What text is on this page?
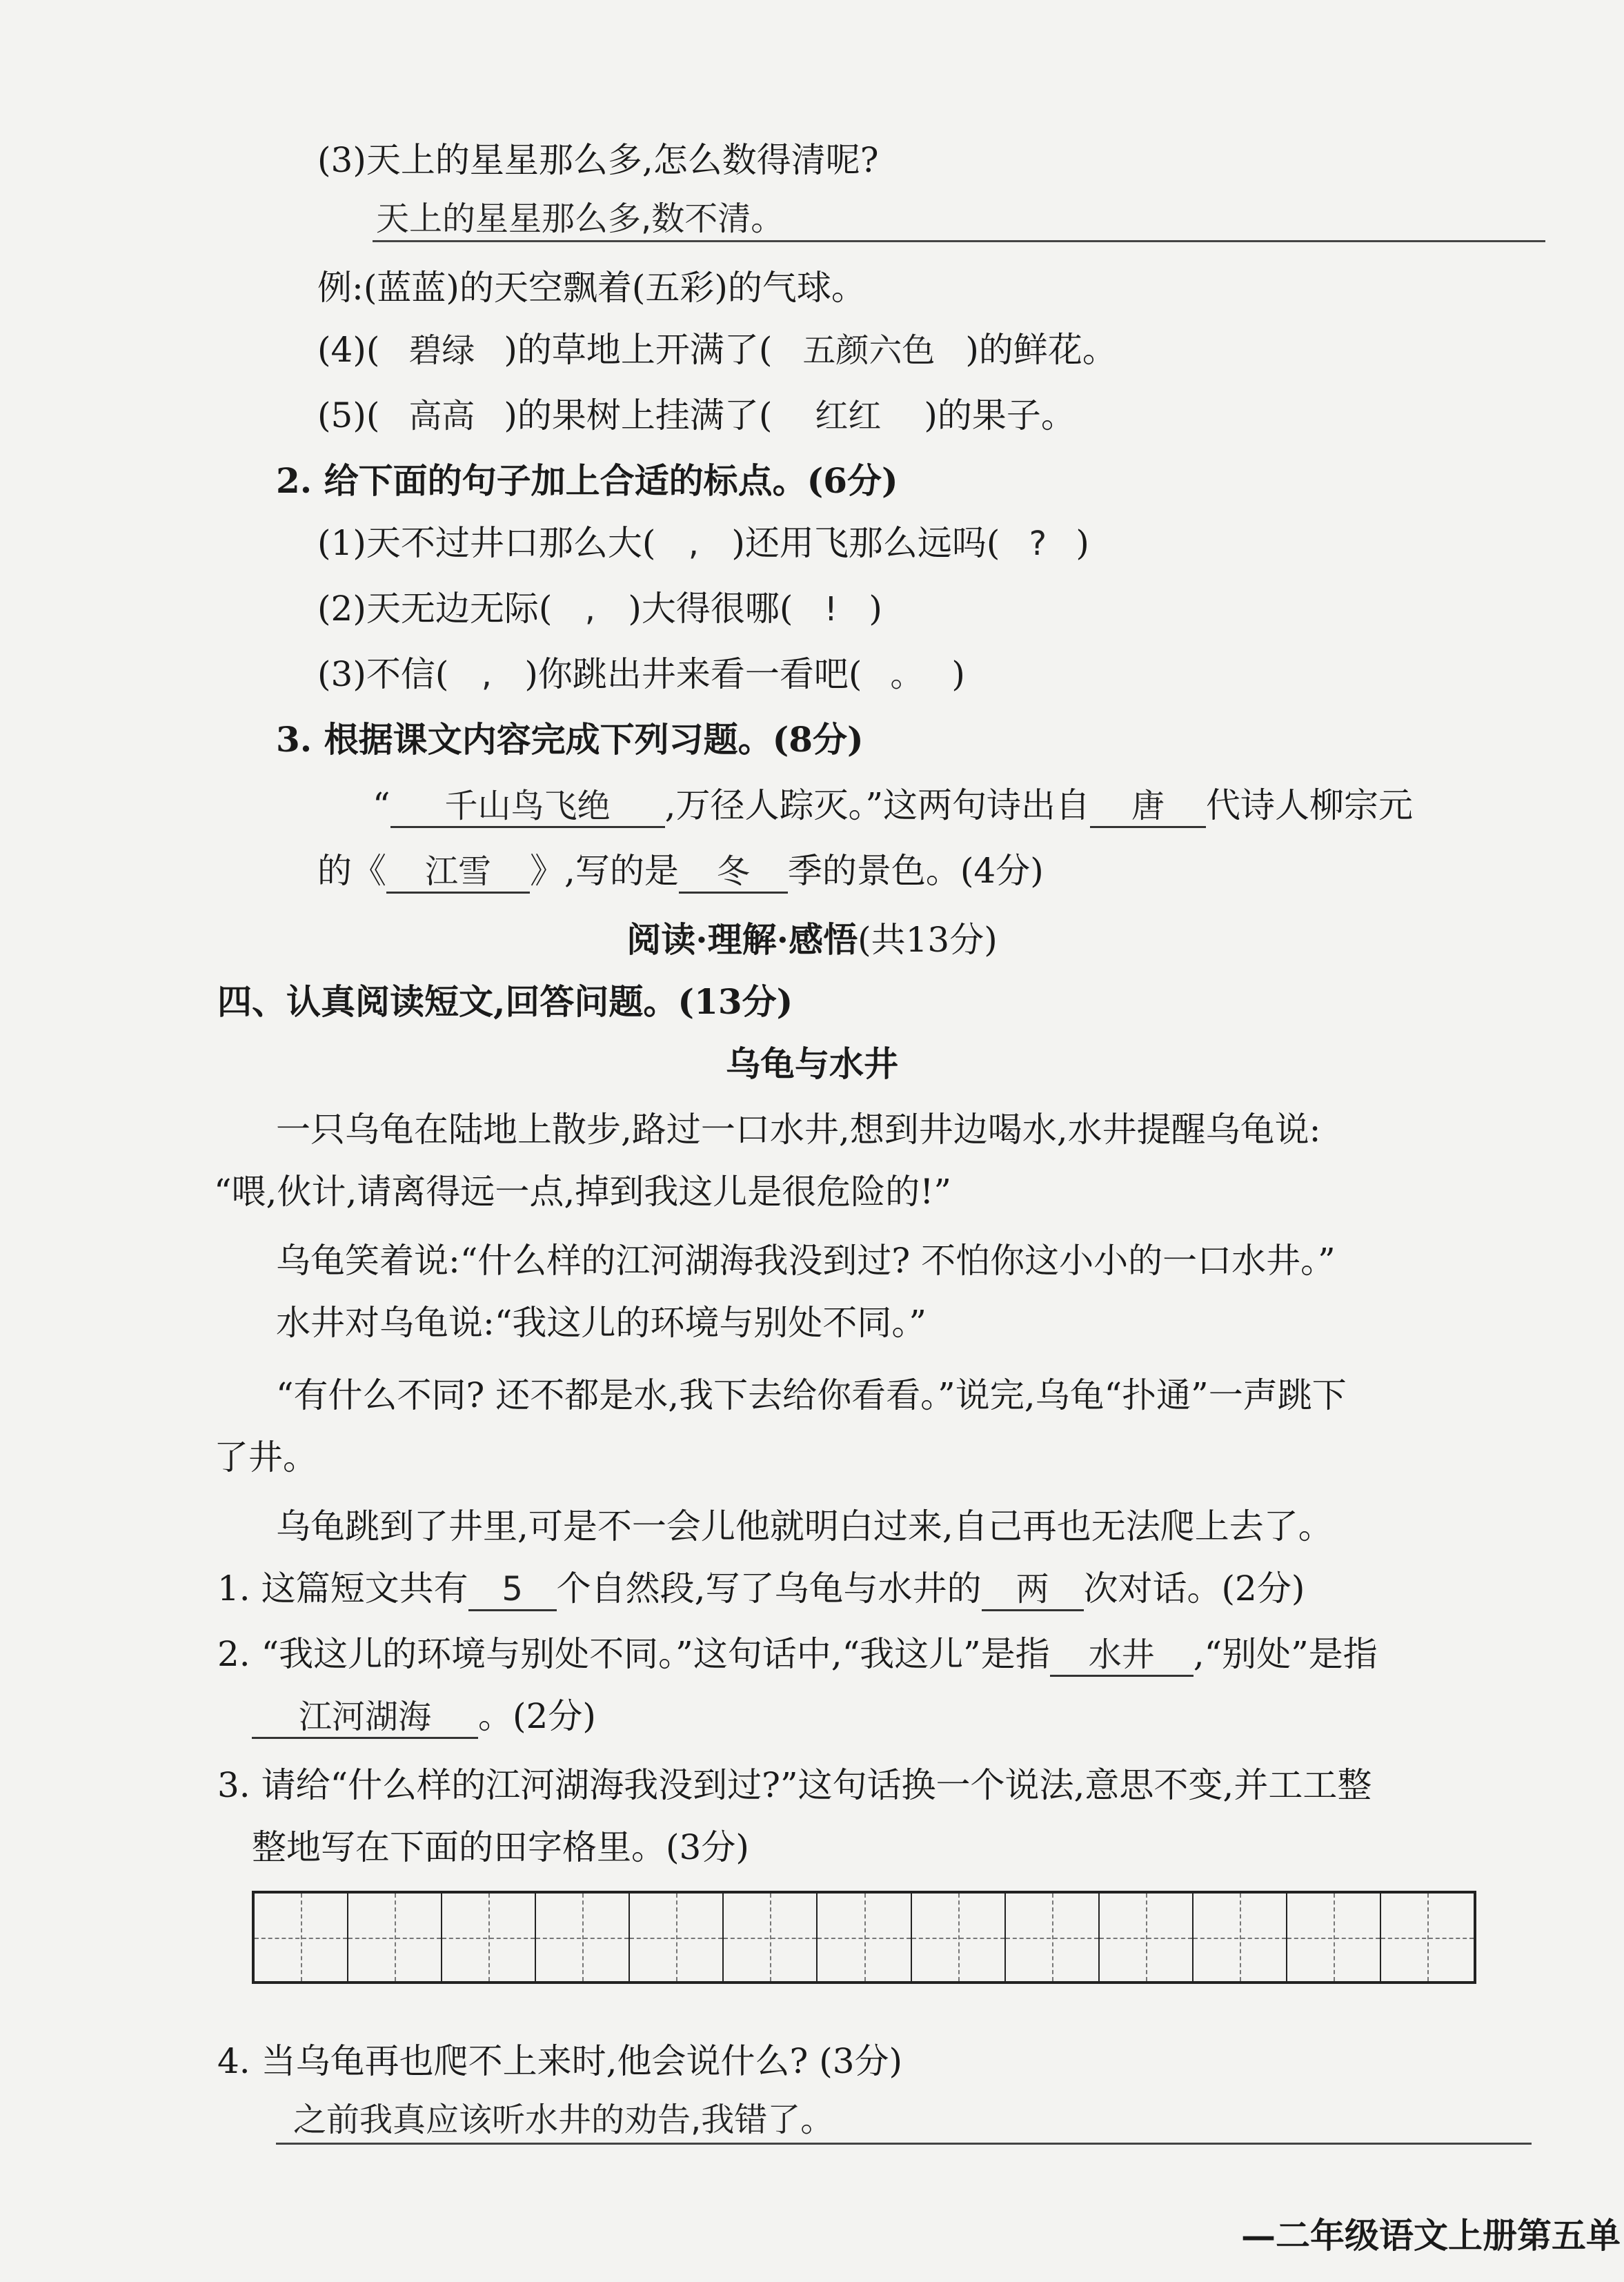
(3)天上的星星那么多,怎么数得清呢?
天上的星星那么多,数不清。
例:(蓝蓝)的天空飘着(五彩)的气球。
(4)( 碧绿 )的草地上开满了( 五颜六色 )的鲜花。
(5)( 高高 )的果树上挂满了( 红红 )的果子。
2. 给下面的句子加上合适的标点。(6分)
(1)天不过井口那么大( , )还用飞那么远吗( ? )
(2)天无边无际( , )大得很哪( ! )
(3)不信( , )你跳出井来看一看吧( 。 )
3. 根据课文内容完成下列习题。(8分)
“ 千山鸟飞绝 ,万径人踪灭。”这两句诗出自 唐 代诗人柳宗元
的《 江雪 》,写的是 冬 季的景色。(4分)
阅读·理解·感悟(共13分)
四、认真阅读短文,回答问题。(13分)
乌龟与水井
一只乌龟在陆地上散步,路过一口水井,想到井边喝水,水井提醒乌龟说:
“喂,伙计,请离得远一点,掉到我这儿是很危险的!”
乌龟笑着说:“什么样的江河湖海我没到过? 不怕你这小小的一口水井。”
水井对乌龟说:“我这儿的环境与别处不同。”
“有什么不同? 还不都是水,我下去给你看看。”说完,乌龟“扑通”一声跳下
了井。
乌龟跳到了井里,可是不一会儿他就明白过来,自己再也无法爬上去了。
1. 这篇短文共有 5 个自然段,写了乌龟与水井的 两 次对话。(2分)
2. “我这儿的环境与别处不同。”这句话中,“我这儿”是指 水井 ,“别处”是指
江河湖海 。(2分)
3. 请给“什么样的江河湖海我没到过?”这句话换一个说法,意思不变,并工工整
整地写在下面的田字格里。(3分)
4. 当乌龟再也爬不上来时,他会说什么? (3分)
之前我真应该听水井的劝告,我错了。
—二年级语文上册第五单
